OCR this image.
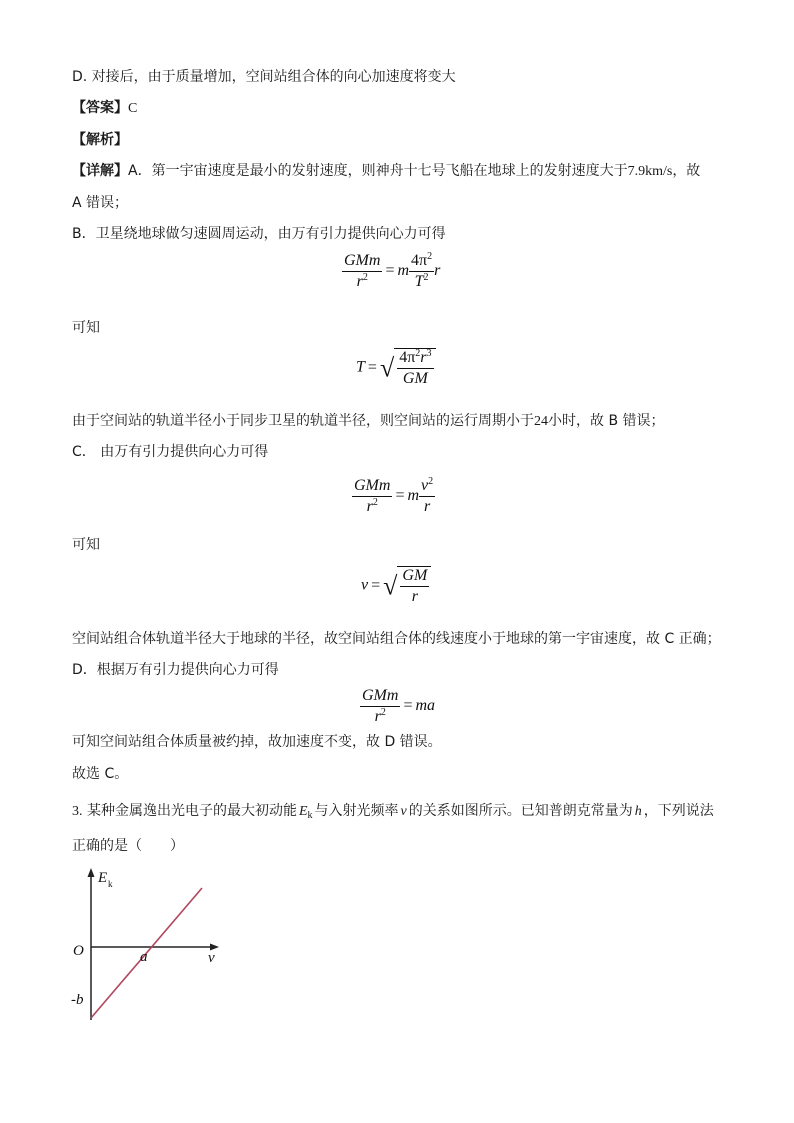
D. 对接后，由于质量增加，空间站组合体的向心加速度将变大
【答案】C
【解析】
【详解】A．第一宇宙速度是最小的发射速度，则神舟十七号飞船在地球上的发射速度大于7.9km/s，故
A 错误；
B．卫星绕地球做匀速圆周运动，由万有引力提供向心力可得
$\frac{\text{GMm}}{r^2} = m \frac{4\pi^2}{T^2}$ r
可知
T = √ $\frac{4\pi^2r^3}{GM}$
由于空间站的轨道半径小于同步卫星的轨道半径，则空间站的运行周期小于24小时，故 B 错误；
C． 由万有引力提供向心力可得
$\frac{\text{GMm}}{r^2} = m \frac{v^2}{r}$
可知
v = √ $\frac{GM}{r}$
空间站组合体轨道半径大于地球的半径，故空间站组合体的线速度小于地球的第一宇宙速度，故 C 正确；
D．根据万有引力提供向心力可得
$\frac{\text{GMm}}{r^2}$ = ma
可知空间站组合体质量被约掉，故加速度不变，故 D 错误。
故选 C。
3. 某种金属逸出光电子的最大初动能 $E_k$ 与入射光频率 ν 的关系如图所示。已知普朗克常量为 h ，下列说法
正确的是（　　）
E k
O	a	ν
-b
